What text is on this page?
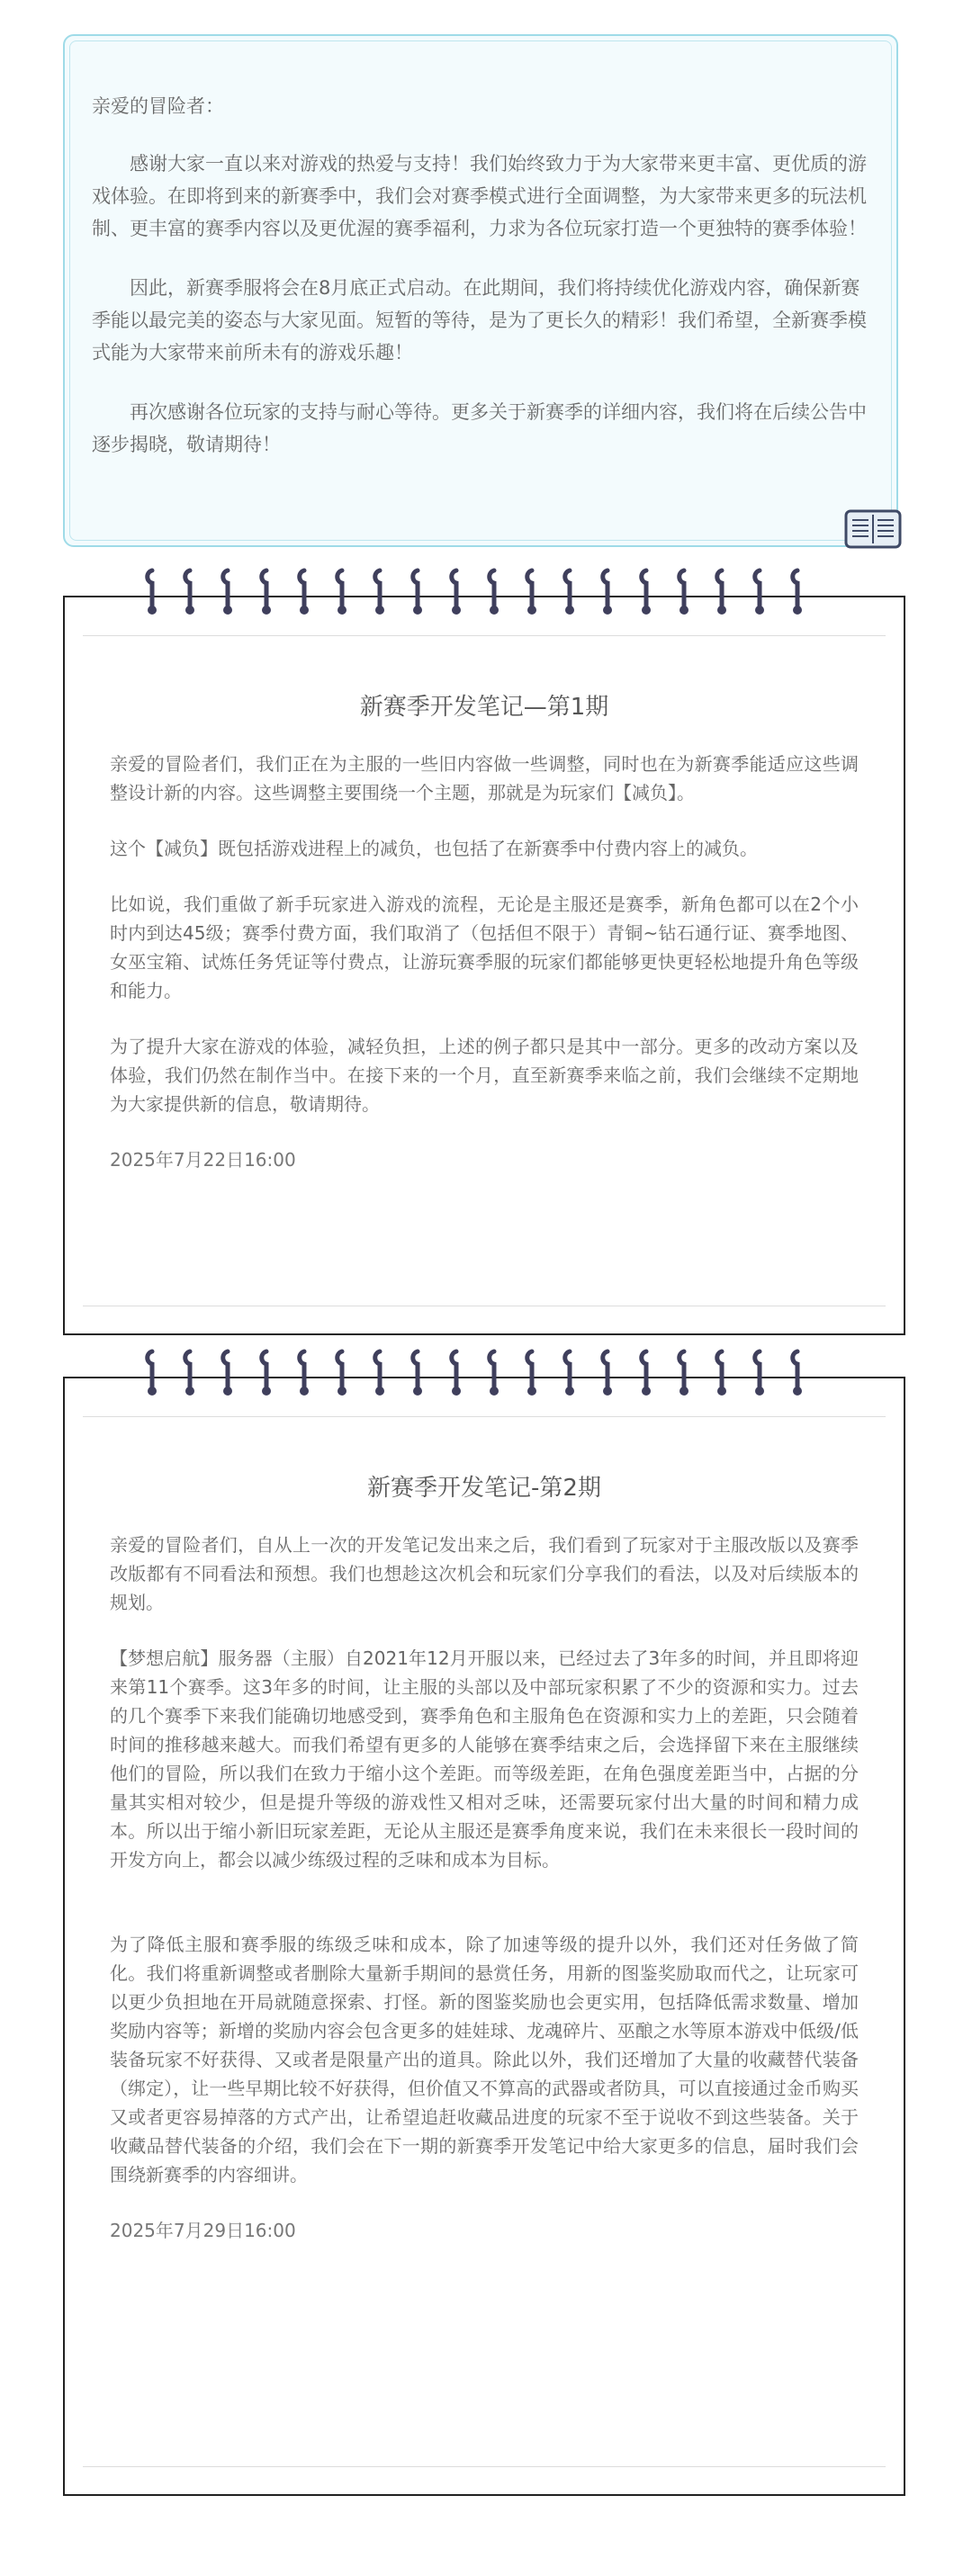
亲爱的冒险者：

　　感谢大家一直以来对游戏的热爱与支持！我们始终致力于为大家带来更丰富、更优质的游戏体验。在即将到来的新赛季中，我们会对赛季模式进行全面调整，为大家带来更多的玩法机制、更丰富的赛季内容以及更优渥的赛季福利，力求为各位玩家打造一个更独特的赛季体验！

　　因此，新赛季服将会在8月底正式启动。在此期间，我们将持续优化游戏内容，确保新赛季能以最完美的姿态与大家见面。短暂的等待，是为了更长久的精彩！我们希望，全新赛季模式能为大家带来前所未有的游戏乐趣！

　　再次感谢各位玩家的支持与耐心等待。更多关于新赛季的详细内容，我们将在后续公告中逐步揭晓，敬请期待！

新赛季开发笔记—第1期

亲爱的冒险者们，我们正在为主服的一些旧内容做一些调整，同时也在为新赛季能适应这些调整设计新的内容。这些调整主要围绕一个主题，那就是为玩家们【减负】。

这个【减负】既包括游戏进程上的减负，也包括了在新赛季中付费内容上的减负。

比如说，我们重做了新手玩家进入游戏的流程，无论是主服还是赛季，新角色都可以在2个小时内到达45级；赛季付费方面，我们取消了（包括但不限于）青铜~钻石通行证、赛季地图、女巫宝箱、试炼任务凭证等付费点，让游玩赛季服的玩家们都能够更快更轻松地提升角色等级和能力。

为了提升大家在游戏的体验，减轻负担，上述的例子都只是其中一部分。更多的改动方案以及体验，我们仍然在制作当中。在接下来的一个月，直至新赛季来临之前，我们会继续不定期地为大家提供新的信息，敬请期待。

2025年7月22日16:00

新赛季开发笔记-第2期

亲爱的冒险者们，自从上一次的开发笔记发出来之后，我们看到了玩家对于主服改版以及赛季改版都有不同看法和预想。我们也想趁这次机会和玩家们分享我们的看法，以及对后续版本的规划。

【梦想启航】服务器（主服）自2021年12月开服以来，已经过去了3年多的时间，并且即将迎来第11个赛季。这3年多的时间，让主服的头部以及中部玩家积累了不少的资源和实力。过去的几个赛季下来我们能确切地感受到，赛季角色和主服角色在资源和实力上的差距，只会随着时间的推移越来越大。而我们希望有更多的人能够在赛季结束之后，会选择留下来在主服继续他们的冒险，所以我们在致力于缩小这个差距。而等级差距，在角色强度差距当中，占据的分量其实相对较少，但是提升等级的游戏性又相对乏味，还需要玩家付出大量的时间和精力成本。所以出于缩小新旧玩家差距，无论从主服还是赛季角度来说，我们在未来很长一段时间的开发方向上，都会以减少练级过程的乏味和成本为目标。

为了降低主服和赛季服的练级乏味和成本，除了加速等级的提升以外，我们还对任务做了简化。我们将重新调整或者删除大量新手期间的悬赏任务，用新的图鉴奖励取而代之，让玩家可以更少负担地在开局就随意探索、打怪。新的图鉴奖励也会更实用，包括降低需求数量、增加奖励内容等；新增的奖励内容会包含更多的娃娃球、龙魂碎片、巫酿之水等原本游戏中低级/低装备玩家不好获得、又或者是限量产出的道具。除此以外，我们还增加了大量的收藏替代装备（绑定），让一些早期比较不好获得，但价值又不算高的武器或者防具，可以直接通过金币购买又或者更容易掉落的方式产出，让希望追赶收藏品进度的玩家不至于说收不到这些装备。关于收藏品替代装备的介绍，我们会在下一期的新赛季开发笔记中给大家更多的信息，届时我们会围绕新赛季的内容细讲。

2025年7月29日16:00
